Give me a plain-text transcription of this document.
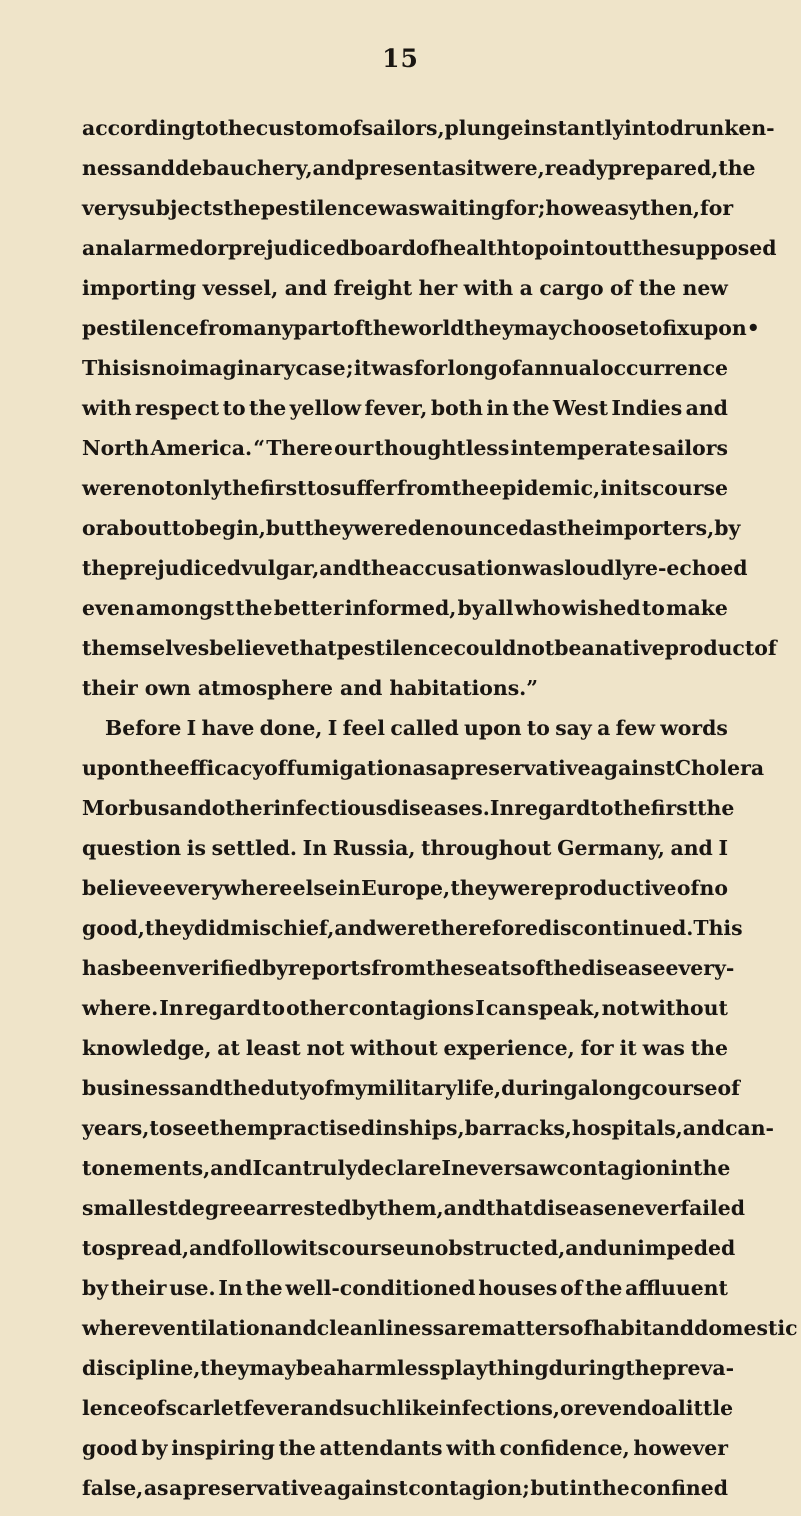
15
according to the custom of sailors, plunge instantly into drunken-
ness and debauchery, and present as it were, ready prepared, the
very subjects the pestilence was waiting for ; how easy then, for
an alarmed or prejudiced board of health to point out the supposed
importing vessel, and freight her with a cargo of the new
pestilence from any part of the world they may choose to fix upon•
This is no imaginary case ; it was for long of annual occurrence
with respect to the yellow fever, both in the West Indies and
North America. “ There our thoughtless intemperate sailors
were not only the first to suffer from the epidemic, in its course
or about to begin, but they were denounced as the importers, by
the prejudiced vulgar, and the accusation was loudly re-echoed
even amongst the better informed, by all who wished to make
themselves believe that pestilence could not be a native product of
their own atmosphere and habitations.”
Before I have done, I feel called upon to say a few words
upon the efficacy of fumigation as a preservative against Cholera
Morbus and other infectious diseases. In regard to the first the
question is settled. In Russia, throughout Germany, and I
believe everywhere else in Europe, they were productive of no
good, they did mischief, and were therefore discontinued. This
has been verified by reports from the seats of the disease every-
where. In regard to other contagions I can speak, not without
knowledge, at least not without experience, for it was the
business and the duty of my military life, during a long course of
years, to see them practised in ships, barracks, hospitals, and can-
tonements, and I can truly declare I never saw contagion in the
smallest degree arrested by them, and that disease never failed
to spread, and follow its course unobstructed, and unimpeded
by their use. In the well-conditioned houses of the affluuent
where ventilation and cleanliness are matters of habit and domestic
discipline, they may be a harmless plaything during the preva-
lence of scarlet fever and such like infections, or even do a little
good by inspiring the attendants with confidence, however
false, as a preservative against contagion; but in the confined
